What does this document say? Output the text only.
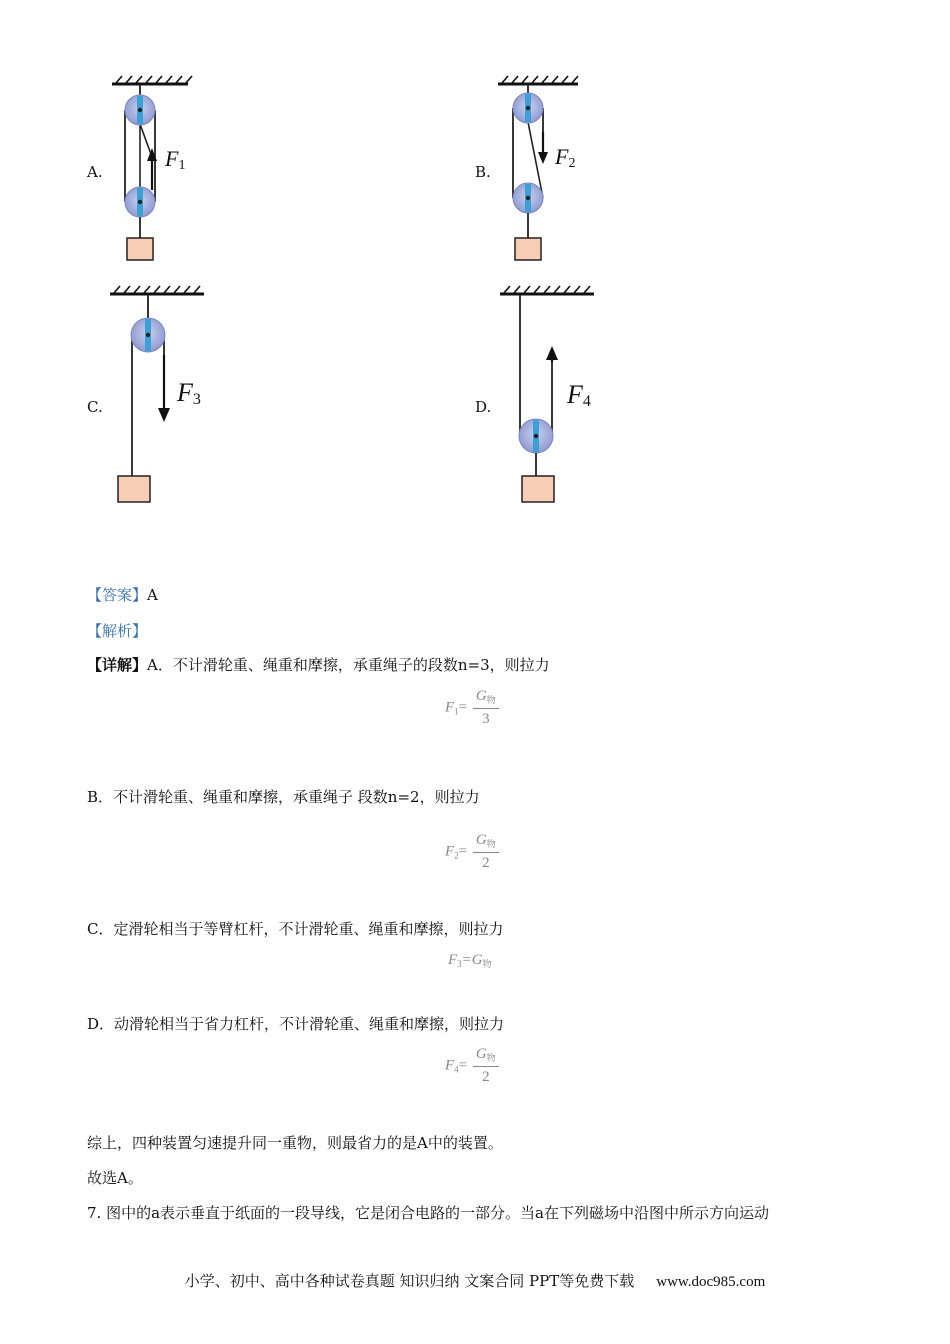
A.	B.
C.	D.
$F_1$	$F_2$
F3	F4
【答案】A
【解析】
【详解】A．不计滑轮重、绳重和摩擦，承重绳子的段数n=3，则拉力
$F_1= \frac{G_物}{3}$
B．不计滑轮重、绳重和摩擦，承重绳子 段数n=2，则拉力
$F_2= \frac{G_物}{2}$
C．定滑轮相当于等臂杠杆，不计滑轮重、绳重和摩擦，则拉力
$F_3=G_物$
D．动滑轮相当于省力杠杆，不计滑轮重、绳重和摩擦，则拉力
$F_4= \frac{G_物}{2}$
综上，四种装置匀速提升同一重物，则最省力的是A中的装置。
故选A。
7. 图中的a表示垂直于纸面的一段导线，它是闭合电路的一部分。当a在下列磁场中沿图中所示方向运动
小学、初中、高中各种试卷真题 知识归纳 文案合同 PPT等免费下载 www.doc985.com
